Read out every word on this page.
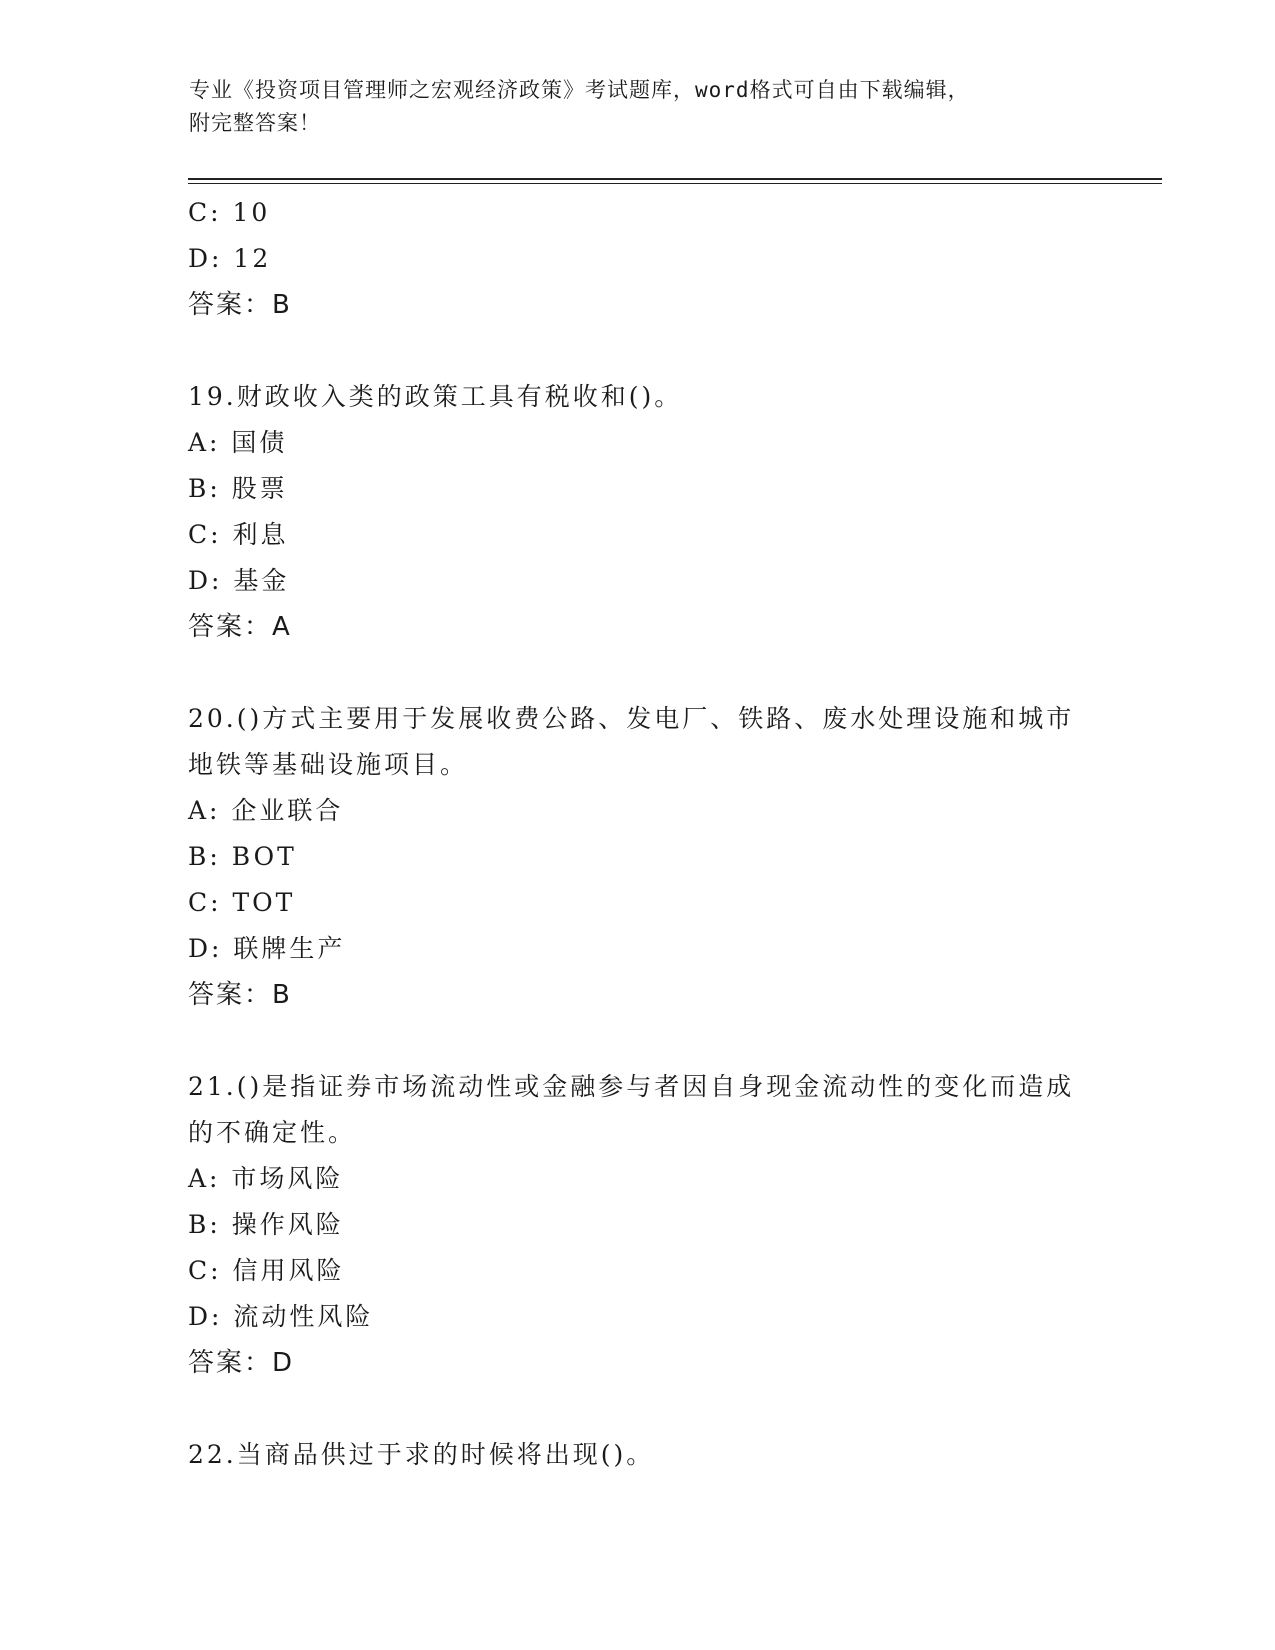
专业《投资项目管理师之宏观经济政策》考试题库，word格式可自由下载编辑，
附完整答案！
C: 10
D: 12
答案：B
19.财政收入类的政策工具有税收和()。
A: 国债
B: 股票
C: 利息
D: 基金
答案：A
20.()方式主要用于发展收费公路、发电厂、铁路、废水处理设施和城市地铁等基础设施项目。
A: 企业联合
B: BOT
C: TOT
D: 联牌生产
答案：B
21.()是指证券市场流动性或金融参与者因自身现金流动性的变化而造成的不确定性。
A: 市场风险
B: 操作风险
C: 信用风险
D: 流动性风险
答案：D
22.当商品供过于求的时候将出现()。
